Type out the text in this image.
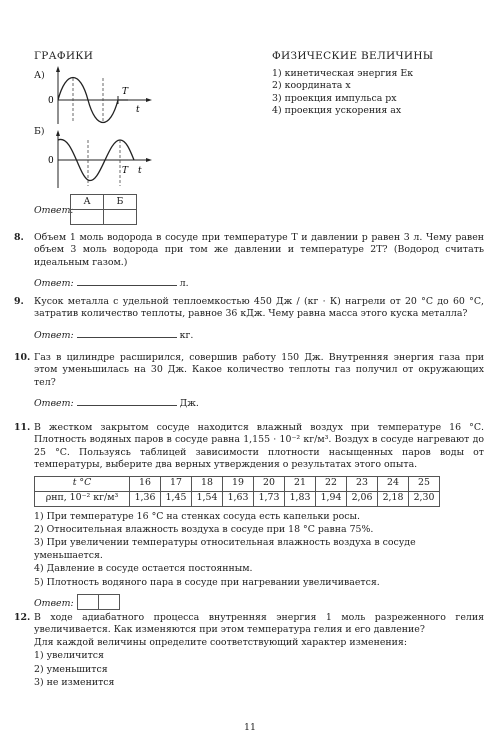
ГРАФИКИ	ФИЗИЧЕСКИЕ ВЕЛИЧИНЫ
А)
Б)
0
T
t
0
T t
1) кинетическая энергия Eк
2) координата x
3) проекция импульса px
4) проекция ускорения ax
Ответ:
А	Б

8. Объем 1 моль водорода в сосуде при температуре T и давлении p равен 3 л. Чему равен объем 3 моль водорода при том же давлении и температуре 2T? (Водород считать идеальным газом.)
Ответ:	л.
9. Кусок металла с удельной теплоемкостью 450 Дж / (кг · К) нагрели от 20 °С до 60 °С, затратив количество теплоты, равное 36 кДж. Чему равна масса этого куска металла?
Ответ:	кг.
10. Газ в цилиндре расширился, совершив работу 150 Дж. Внутренняя энергия газа при этом уменьшилась на 30 Дж. Какое количество теплоты газ получил от окружающих тел?
Ответ:	Дж.
11. В жестком закрытом сосуде находится влажный воздух при температуре 16 °С. Плотность водяных паров в сосуде равна 1,155 · 10⁻² кг/м³. Воздух в сосуде нагревают до 25 °С. Пользуясь таблицей зависимости плотности насыщенных паров воды от температуры, выберите два верных утверждения о результатах этого опыта.
t °С	16	17	18	19	20	21	22	23	24	25
ρнп, 10⁻² кг/м³	1,36	1,45	1,54	1,63	1,73	1,83	1,94	2,06	2,18	2,30
1) При температуре 16 °С на стенках сосуда есть капельки росы.
2) Относительная влажность воздуха в сосуде при 18 °С равна 75%.
3) При увеличении температуры относительная влажность воздуха в сосуде уменьшается.
4) Давление в сосуде остается постоянным.
5) Плотность водяного пара в сосуде при нагревании увеличивается.
Ответ:	
12. В ходе адиабатного процесса внутренняя энергия 1 моль разреженного гелия увеличивается. Как изменяются при этом температура гелия и его давление?
Для каждой величины определите соответствующий характер изменения:
1) увеличится
2) уменьшится
3) не изменится
11
